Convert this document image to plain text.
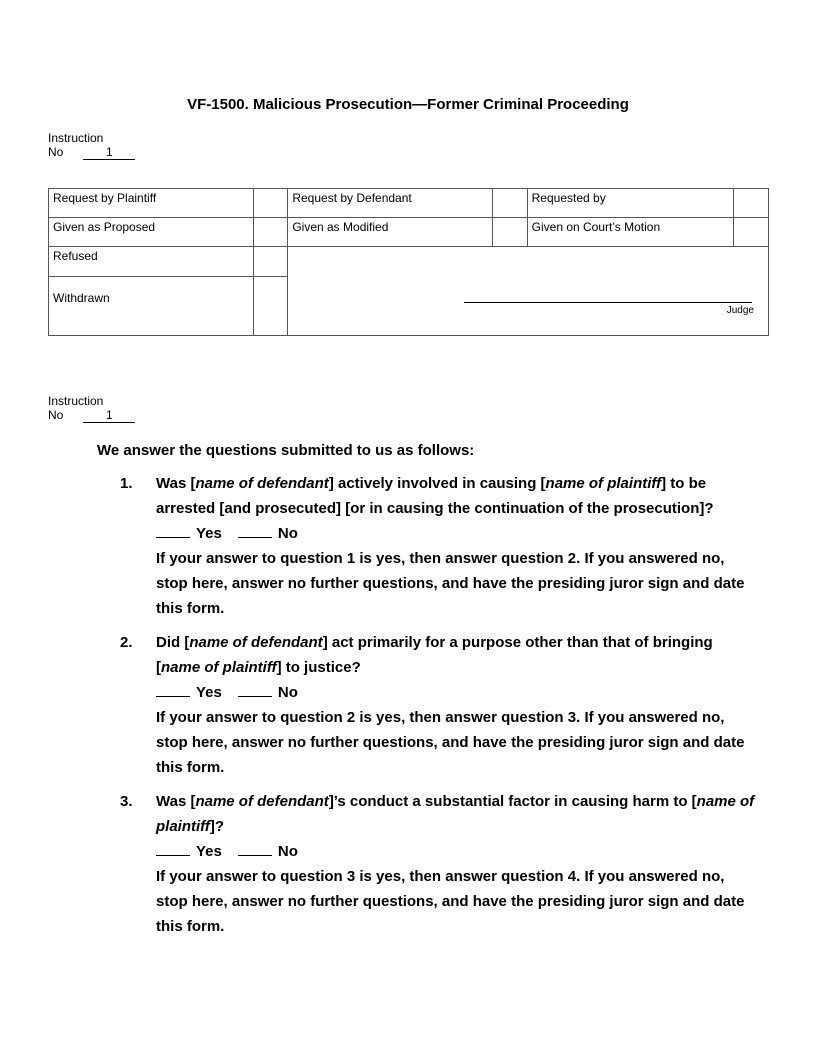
VF-1500. Malicious Prosecution—Former Criminal Proceeding
Instruction
No	1
Request by Plaintiff		Request by Defendant		Requested by	
Given as Proposed		Given as Modified		Given on Court’s Motion	
Refused		Judge			

Withdrawn					
Instruction
No	1
We answer the questions submitted to us as follows:
1. Was [name of defendant] actively involved in causing [name of plaintiff] to be arrested [and prosecuted] [or in causing the continuation of the prosecution]?
Yes	No
If your answer to question 1 is yes, then answer question 2. If you answered no, stop here, answer no further questions, and have the presiding juror sign and date this form.
2. Did [name of defendant] act primarily for a purpose other than that of bringing [name of plaintiff] to justice?
Yes	No
If your answer to question 2 is yes, then answer question 3. If you answered no, stop here, answer no further questions, and have the presiding juror sign and date this form.
3. Was [name of defendant]’s conduct a substantial factor in causing harm to [name of plaintiff]?
Yes	No
If your answer to question 3 is yes, then answer question 4. If you answered no, stop here, answer no further questions, and have the presiding juror sign and date this form.
